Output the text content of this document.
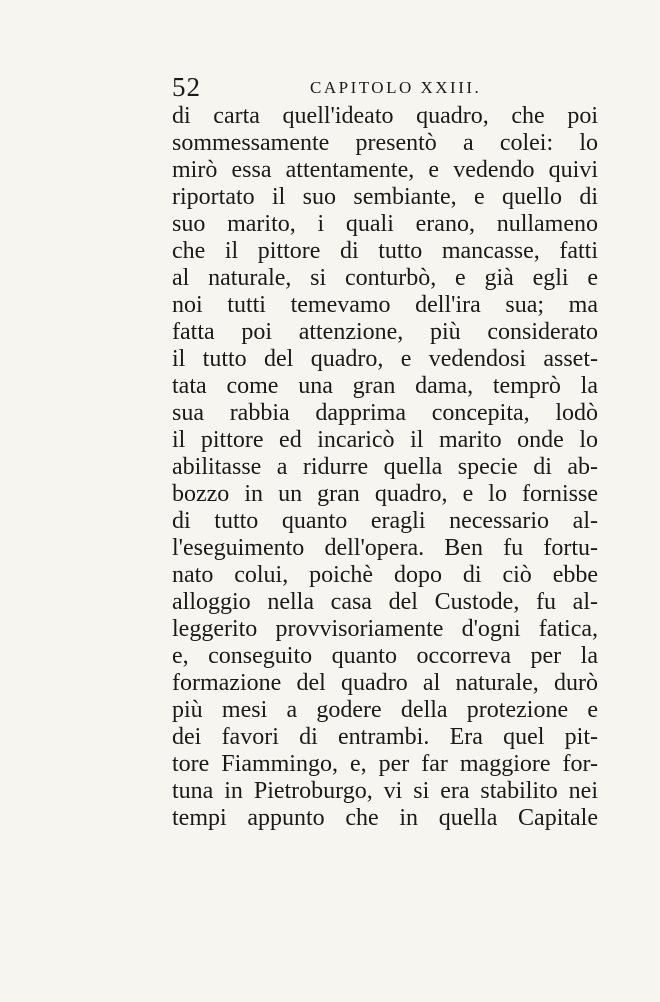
52	CAPITOLO XXIII.
di carta quell'ideato quadro, che poi
sommessamente presentò a colei: lo
mirò essa attentamente, e vedendo quivi
riportato il suo sembiante, e quello di
suo marito, i quali erano, nullameno
che il pittore di tutto mancasse, fatti
al naturale, si conturbò, e già egli e
noi tutti temevamo dell'ira sua; ma
fatta poi attenzione, più considerato
il tutto del quadro, e vedendosi asset-
tata come una gran dama, temprò la
sua rabbia dapprima concepita, lodò
il pittore ed incaricò il marito onde lo
abilitasse a ridurre quella specie di ab-
bozzo in un gran quadro, e lo fornisse
di tutto quanto eragli necessario al-
l'eseguimento dell'opera. Ben fu fortu-
nato colui, poichè dopo di ciò ebbe
alloggio nella casa del Custode, fu al-
leggerito provvisoriamente d'ogni fatica,
e, conseguito quanto occorreva per la
formazione del quadro al naturale, durò
più mesi a godere della protezione e
dei favori di entrambi. Era quel pit-
tore Fiammingo, e, per far maggiore for-
tuna in Pietroburgo, vi si era stabilito nei
tempi appunto che in quella Capitale
